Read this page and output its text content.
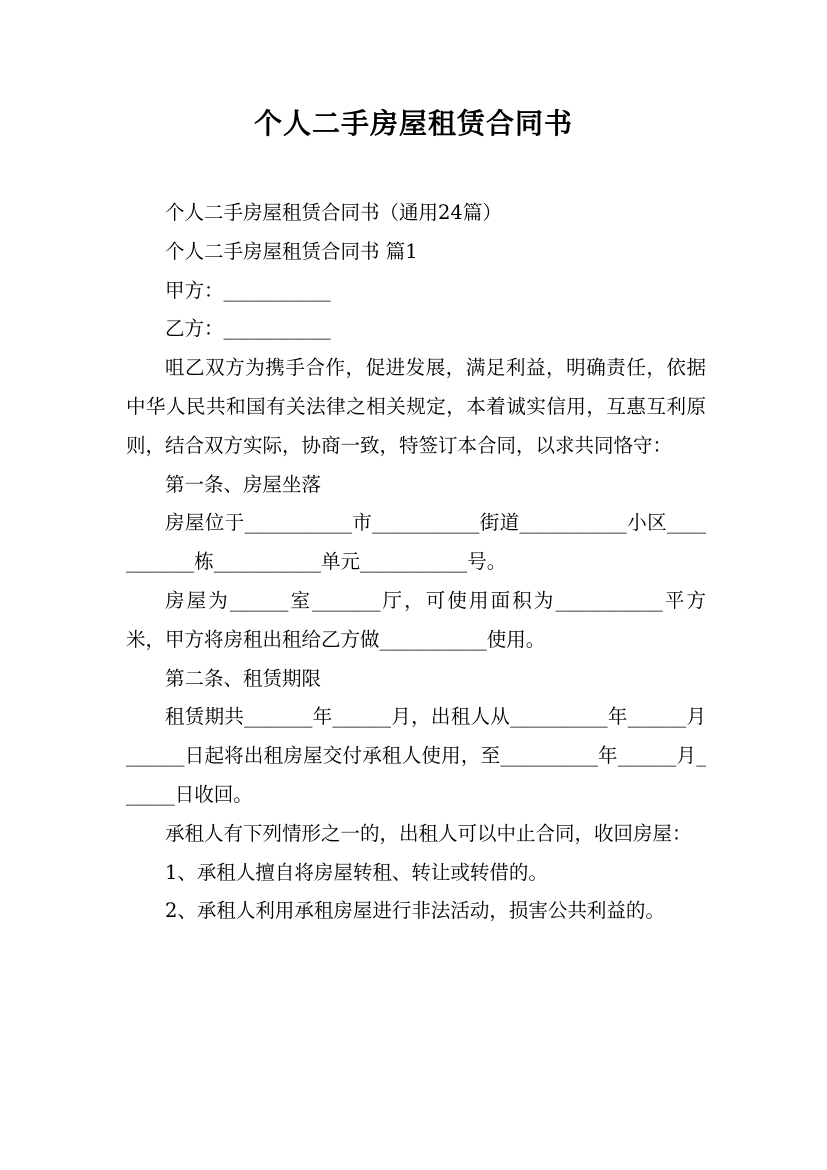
个人二手房屋租赁合同书

个人二手房屋租赁合同书（通用24篇）

个人二手房屋租赁合同书 篇1

甲方：___________

乙方：___________

咀乙双方为携手合作，促进发展，满足利益，明确责任，依据中华人民共和国有关法律之相关规定，本着诚实信用，互惠互利原则，结合双方实际，协商一致，特签订本合同，以求共同恪守：

第一条、房屋坐落

房屋位于___________市___________街道___________小区___________栋___________单元___________号。

房屋为______室_______厅，可使用面积为___________平方米，甲方将房租出租给乙方做___________使用。

第二条、租赁期限

租赁期共_______年______月，出租人从__________年______月______日起将出租房屋交付承租人使用，至__________年______月______日收回。

承租人有下列情形之一的，出租人可以中止合同，收回房屋：

1、承租人擅自将房屋转租、转让或转借的。

2、承租人利用承租房屋进行非法活动，损害公共利益的。
